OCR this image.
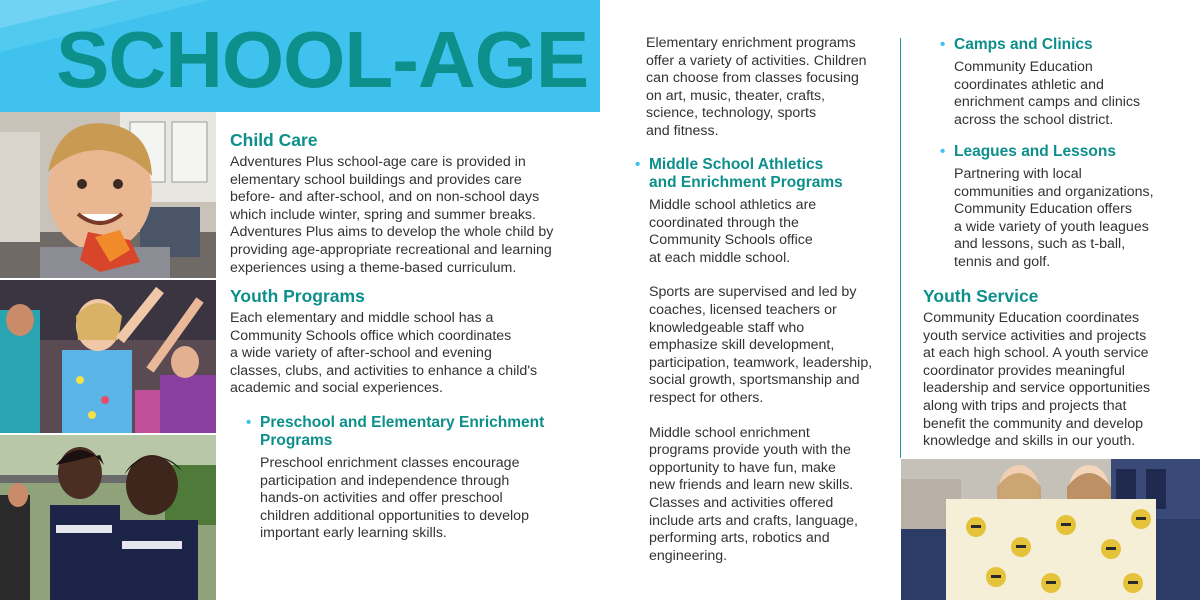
SCHOOL-AGE
Child Care

Adventures Plus school-age care is provided in
elementary school buildings and provides care
before- and after-school, and on non-school days
which include winter, spring and summer breaks.
Adventures Plus aims to develop the whole child by
providing age-appropriate recreational and learning
experiences using a theme-based curriculum.

Youth Programs

Each elementary and middle school has a
Community Schools office which coordinates
a wide variety of after-school and evening
classes, clubs, and activities to enhance a child's
academic and social experiences.

• Preschool and Elementary Enrichment
Programs

Preschool enrichment classes encourage
participation and independence through
hands-on activities and offer preschool
children additional opportunities to develop
important early learning skills.

Elementary enrichment programs
offer a variety of activities. Children
can choose from classes focusing
on art, music, theater, crafts,
science, technology, sports
and fitness.

• Middle School Athletics
and Enrichment Programs

Middle school athletics are
coordinated through the
Community Schools office
at each middle school.

Sports are supervised and led by
coaches, licensed teachers or
knowledgeable staff who
emphasize skill development,
participation, teamwork, leadership,
social growth, sportsmanship and
respect for others.

Middle school enrichment
programs provide youth with the
opportunity to have fun, make
new friends and learn new skills.
Classes and activities offered
include arts and crafts, language,
performing arts, robotics and
engineering.

• Camps and Clinics

Community Education
coordinates athletic and
enrichment camps and clinics
across the school district.

• Leagues and Lessons

Partnering with local
communities and organizations,
Community Education offers
a wide variety of youth leagues
and lessons, such as t-ball,
tennis and golf.

Youth Service

Community Education coordinates
youth service activities and projects
at each high school. A youth service
coordinator provides meaningful
leadership and service opportunities
along with trips and projects that
benefit the community and develop
knowledge and skills in our youth.
